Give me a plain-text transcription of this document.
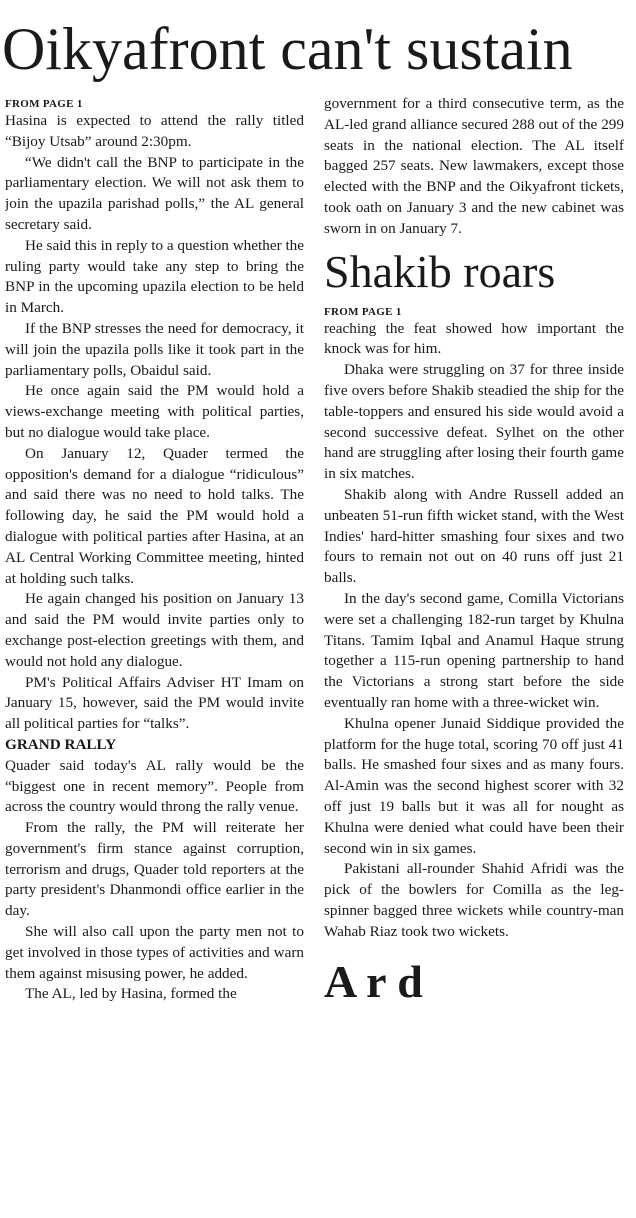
Oikyafront can't sustain
FROM PAGE 1

Hasina is expected to attend the rally titled “Bijoy Utsab” around 2:30pm.

“We didn't call the BNP to participate in the parliamentary election. We will not ask them to join the upazila parishad polls,” the AL general secretary said.

He said this in reply to a question whether the ruling party would take any step to bring the BNP in the upcoming upazila election to be held in March.

If the BNP stresses the need for democracy, it will join the upazila polls like it took part in the parliamentary polls, Obaidul said.

He once again said the PM would hold a views-exchange meeting with political parties, but no dialogue would take place.

On January 12, Quader termed the opposition's demand for a dialogue “ridiculous” and said there was no need to hold talks. The following day, he said the PM would hold a dialogue with political parties after Hasina, at an AL Central Working Committee meeting, hinted at holding such talks.

He again changed his position on January 13 and said the PM would invite parties only to exchange post-election greetings with them, and would not hold any dialogue.

PM's Political Affairs Adviser HT Imam on January 15, however, said the PM would invite all political parties for “talks”.

GRAND RALLY

Quader said today's AL rally would be the “biggest one in recent memory”. People from across the country would throng the rally venue.

From the rally, the PM will reiterate her government's firm stance against corruption, terrorism and drugs, Quader told reporters at the party president's Dhanmondi office earlier in the day.

She will also call upon the party men not to get involved in those types of activities and warn them against misusing power, he added.

The AL, led by Hasina, formed the

government for a third consecutive term, as the AL-led grand alliance secured 288 out of the 299 seats in the national election. The AL itself bagged 257 seats. New lawmakers, except those elected with the BNP and the Oikyafront tickets, took oath on January 3 and the new cabinet was sworn in on January 7.

Shakib roars
FROM PAGE 1

reaching the feat showed how important the knock was for him.

Dhaka were struggling on 37 for three inside five overs before Shakib steadied the ship for the table-toppers and ensured his side would avoid a second successive defeat. Sylhet on the other hand are struggling after losing their fourth game in six matches.

Shakib along with Andre Russell added an unbeaten 51-run fifth wicket stand, with the West Indies' hard-hitter smashing four sixes and two fours to remain not out on 40 runs off just 21 balls.

In the day's second game, Comilla Victorians were set a challenging 182-run target by Khulna Titans. Tamim Iqbal and Anamul Haque strung together a 115-run opening partnership to hand the Victorians a strong start before the side eventually ran home with a three-wicket win.

Khulna opener Junaid Siddique provided the platform for the huge total, scoring 70 off just 41 balls. He smashed four sixes and as many fours. Al-Amin was the second highest scorer with 32 off just 19 balls but it was all for nought as Khulna were denied what could have been their second win in six games.

Pakistani all-rounder Shahid Afridi was the pick of the bowlers for Comilla as the leg-spinner bagged three wickets while country-man Wahab Riaz took two wickets.

A r d
